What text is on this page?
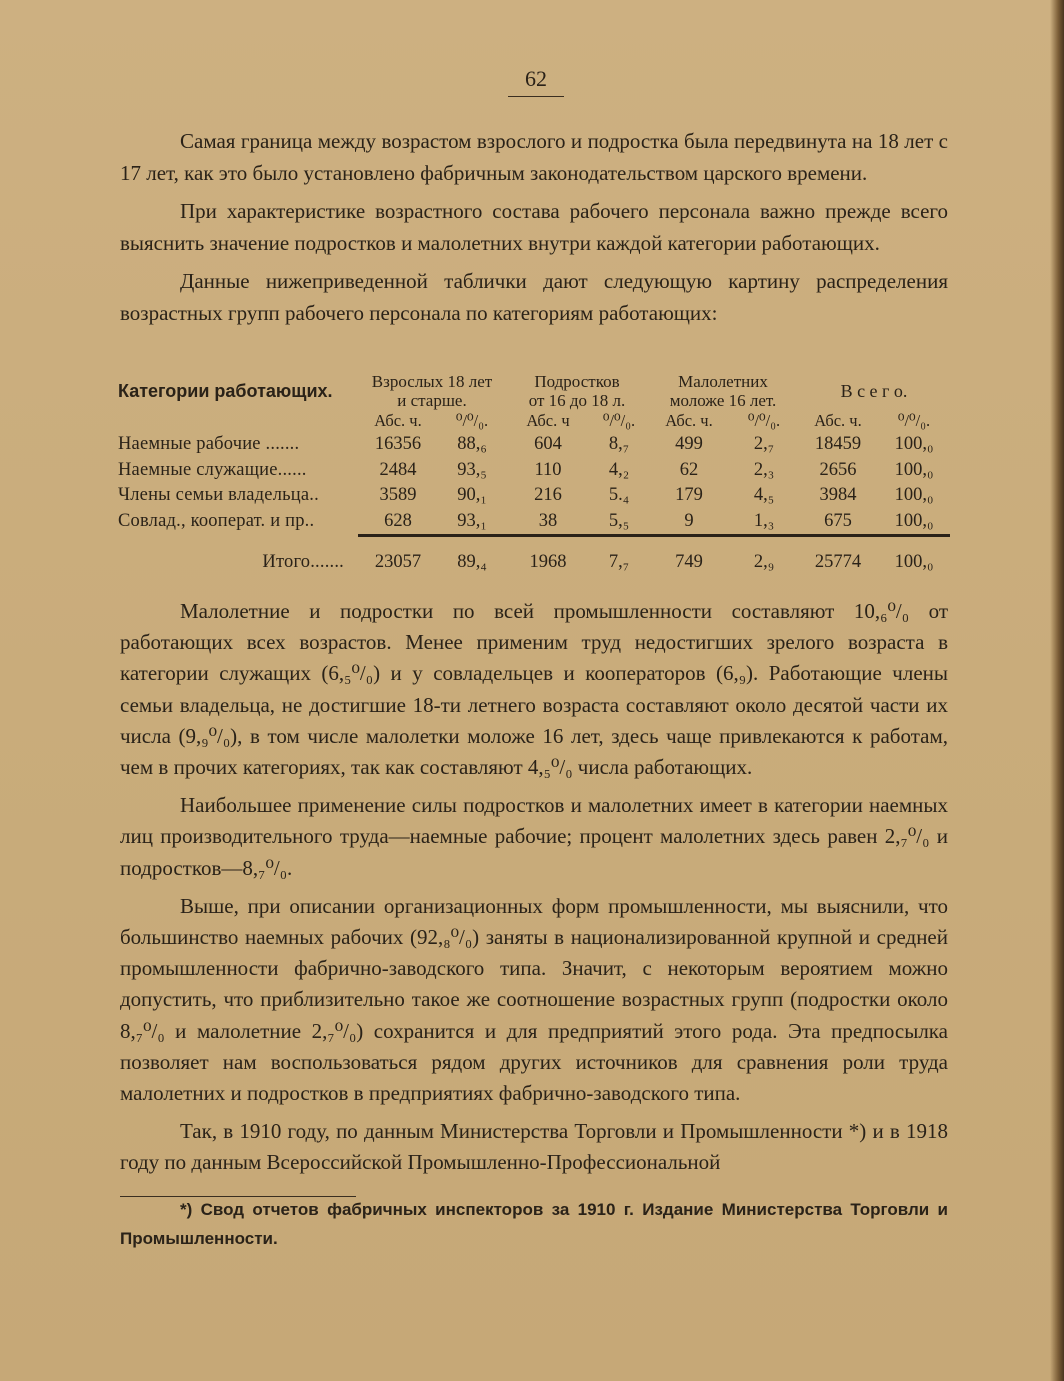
62

Самая граница между возрастом взрослого и подростка была передвинута на 18 лет с 17 лет, как это было установлено фабричным законодательством царского времени.

При характеристике возрастного состава рабочего персонала важно прежде всего выяснить значение подростков и малолетних внутри каждой категории работающих.

Данные нижеприведенной таблички дают следующую картину распределения возрастных групп рабочего персонала по категориям работающих:

Категории работающих.	Взрослых 18 лет		Подростков		Малолетних		В с е г о.	
	и старше.		от 16 до 18 л.		моложе 16 лет.			
	Абс. ч.	⁰/⁰/₀.	Абс. ч	⁰/⁰/₀.	Абс. ч.	⁰/⁰/₀.	Абс. ч.	⁰/⁰/₀.
Наемные рабочие .......	16356	88,₆	604	8,₇	499	2,₇	18459	100,₀
Наемные служащие......	2484	93,₅	110	4,₂	62	2,₃	2656	100,₀
Члены семьи владельца..	3589	90,₁	216	5.₄	179	4,₅	3984	100,₀
Совлад., кооперат. и пр..	628	93,₁	38	5,₅	9	1,₃	675	100,₀

Итого.......	23057	89,₄	1968	7,₇	749	2,₉	25774	100,₀

Малолетние и подростки по всей промышленности составляют 10,₆⁰/₀ от работающих всех возрастов. Менее применим труд недостигших зрелого возраста в категории служащих (6,₅⁰/₀) и у совладельцев и кооператоров (6,₉). Работающие члены семьи владельца, не достигшие 18-ти летнего возраста составляют около десятой части их числа (9,₉⁰/₀), в том числе малолетки моложе 16 лет, здесь чаще привлекаются к работам, чем в прочих категориях, так как составляют 4,₅⁰/₀ числа работающих.

Наибольшее применение силы подростков и малолетних имеет в категории наемных лиц производительного труда—наемные рабочие; процент малолетних здесь равен 2,₇⁰/₀ и подростков—8,₇⁰/₀.

Выше, при описании организационных форм промышленности, мы выяснили, что большинство наемных рабочих (92,₈⁰/₀) заняты в национализированной крупной и средней промышленности фабрично-заводского типа. Значит, с некоторым вероятием можно допустить, что приблизительно такое же соотношение возрастных групп (подростки около 8,₇⁰/₀ и малолетние 2,₇⁰/₀) сохранится и для предприятий этого рода. Эта предпосылка позволяет нам воспользоваться рядом других источников для сравнения роли труда малолетних и подростков в предприятиях фабрично-заводского типа.

Так, в 1910 году, по данным Министерства Торговли и Промышленности *) и в 1918 году по данным Всероссийской Промышленно-Профессиональной

*) Свод отчетов фабричных инспекторов за 1910 г. Издание Министерства Торговли и Промышленности.
